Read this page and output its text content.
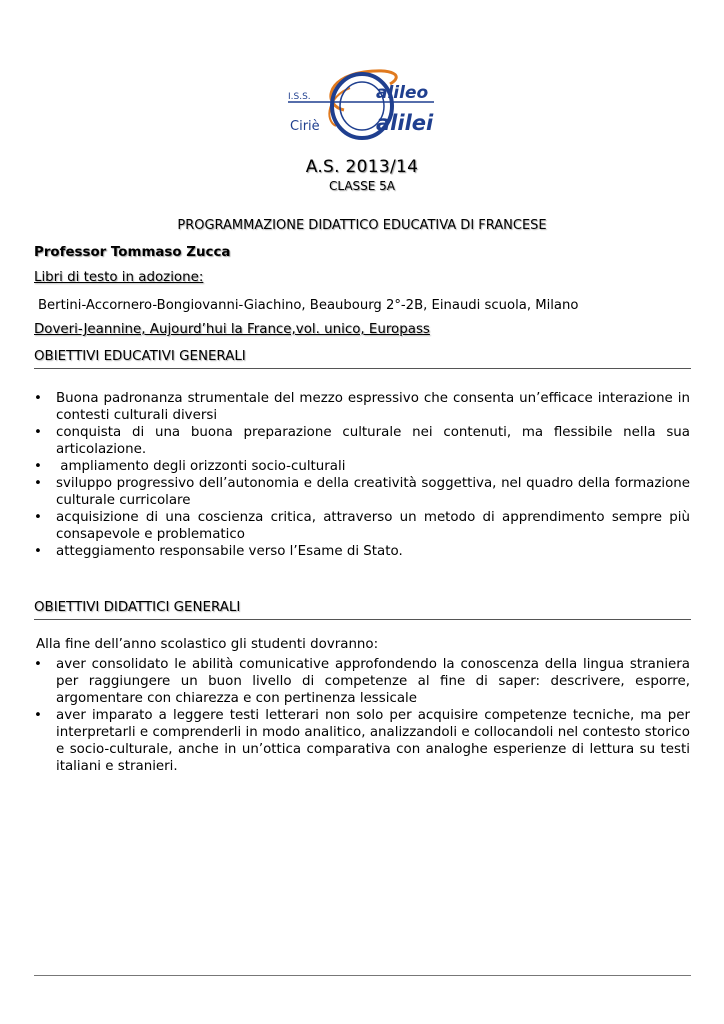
I.S.S.	alileo
Ciriè	alilei
A.S. 2013/14
CLASSE 5A
PROGRAMMAZIONE DIDATTICO EDUCATIVA DI FRANCESE
Professor Tommaso Zucca
Libri di testo in adozione:
Bertini-Accornero-Bongiovanni-Giachino, Beaubourg 2°-2B, Einaudi scuola, Milano
Doveri-Jeannine, Aujourd’hui la France,vol. unico, Europass
OBIETTIVI EDUCATIVI GENERALI
• Buona padronanza strumentale del mezzo espressivo che consenta un’efficace interazione in contesti culturali diversi
• conquista di una buona preparazione culturale nei contenuti, ma flessibile nella sua articolazione.
•  ampliamento degli orizzonti socio-culturali
• sviluppo progressivo dell’autonomia e della creatività soggettiva, nel quadro della formazione culturale curricolare
• acquisizione di una coscienza critica, attraverso un metodo di apprendimento sempre più consapevole e problematico
• atteggiamento responsabile verso l’Esame di Stato.
OBIETTIVI DIDATTICI GENERALI
Alla fine dell’anno scolastico gli studenti dovranno:
• aver consolidato le abilità comunicative approfondendo la conoscenza della lingua straniera per raggiungere un buon livello di competenze al fine di saper: descrivere, esporre, argomentare con chiarezza e con pertinenza lessicale
• aver imparato a leggere testi letterari non solo per acquisire competenze tecniche, ma per interpretarli e comprenderli in modo analitico, analizzandoli e collocandoli nel contesto storico e socio-culturale, anche in un’ottica comparativa con analoghe esperienze di lettura su testi italiani e stranieri.
